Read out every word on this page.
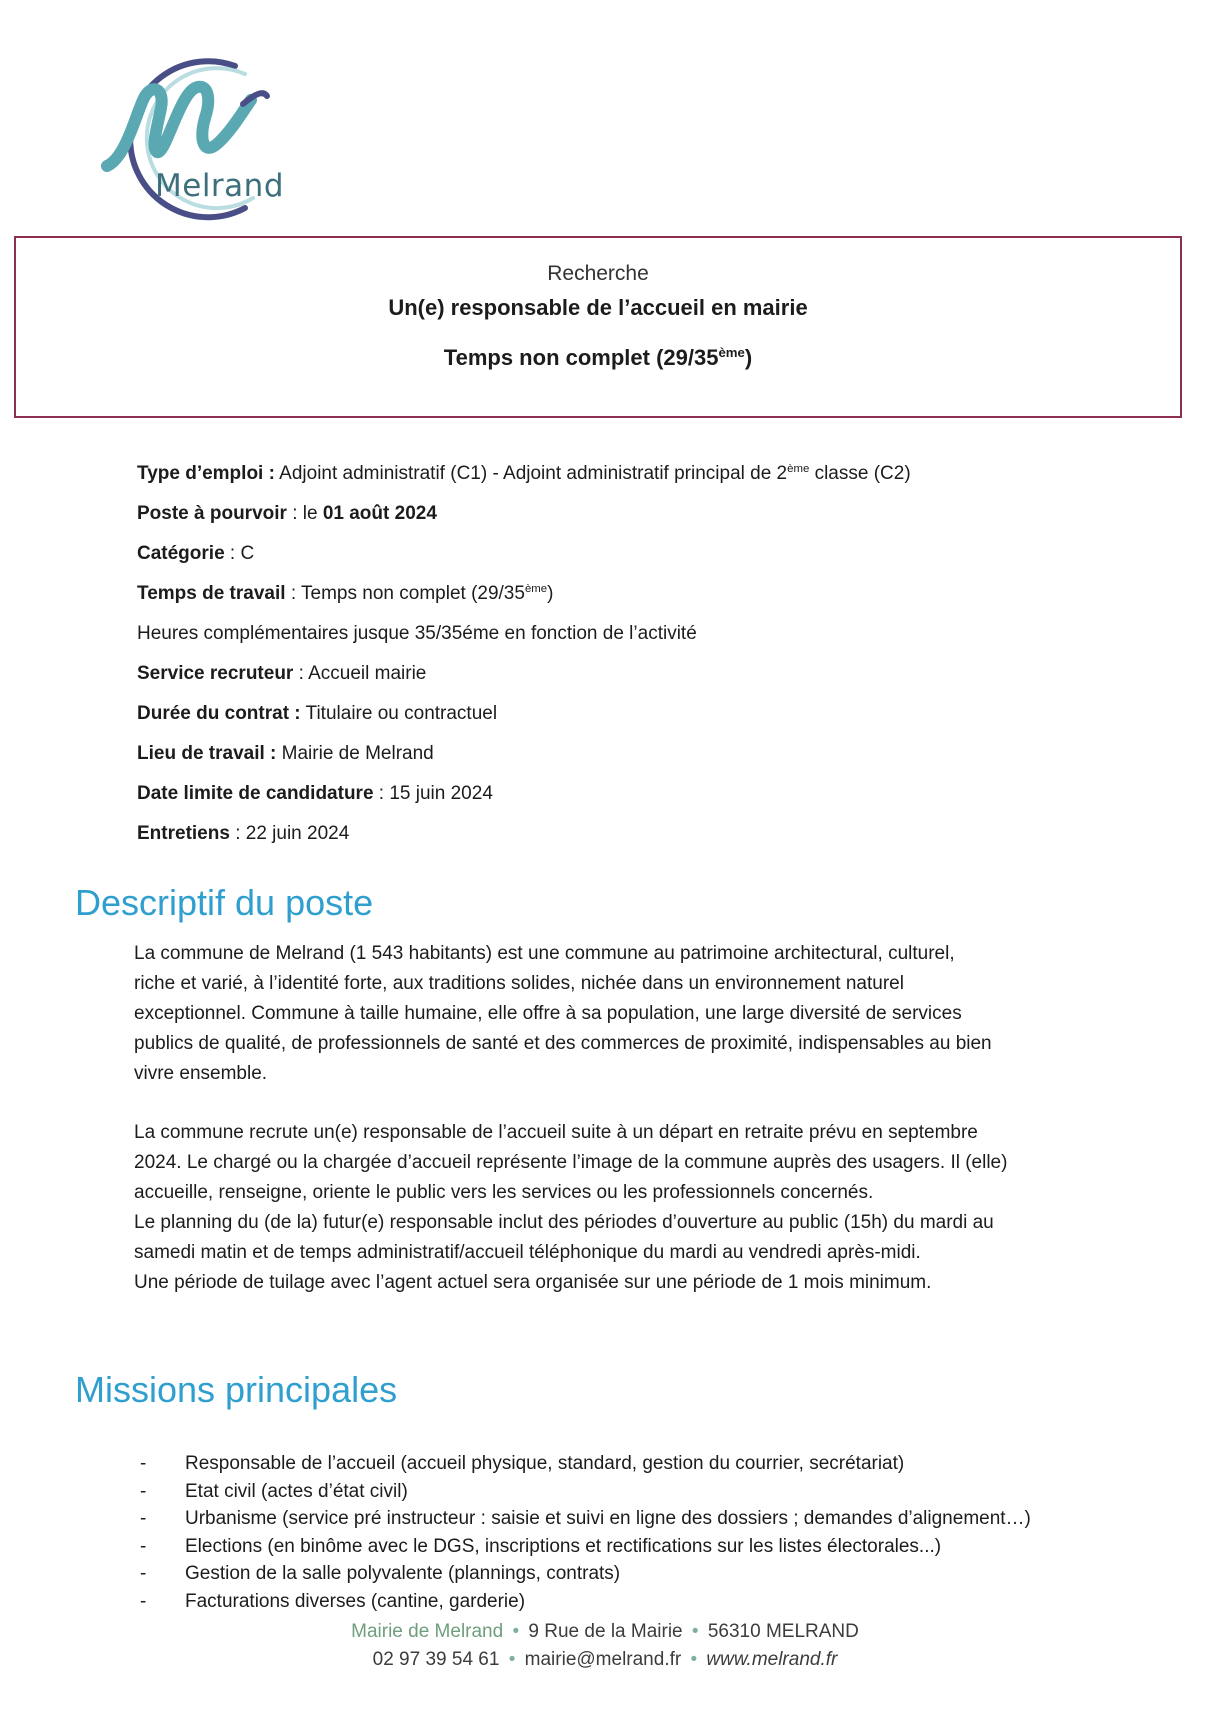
Melrand
Recherche
Un(e) responsable de l’accueil en mairie
Temps non complet (29/35ème)
Type d’emploi : Adjoint administratif (C1) - Adjoint administratif principal de 2ème classe (C2)
Poste à pourvoir : le 01 août 2024
Catégorie : C
Temps de travail : Temps non complet (29/35ème)
Heures complémentaires jusque 35/35éme en fonction de l’activité
Service recruteur : Accueil mairie
Durée du contrat : Titulaire ou contractuel
Lieu de travail : Mairie de Melrand
Date limite de candidature : 15 juin 2024
Entretiens : 22 juin 2024
Descriptif du poste

La commune de Melrand (1 543 habitants) est une commune au patrimoine architectural, culturel,
riche et varié, à l’identité forte, aux traditions solides, nichée dans un environnement naturel
exceptionnel. Commune à taille humaine, elle offre à sa population, une large diversité de services
publics de qualité, de professionnels de santé et des commerces de proximité, indispensables au bien
vivre ensemble.

La commune recrute un(e) responsable de l’accueil suite à un départ en retraite prévu en septembre
2024. Le chargé ou la chargée d’accueil représente l’image de la commune auprès des usagers. Il (elle)
accueille, renseigne, oriente le public vers les services ou les professionnels concernés.
Le planning du (de la) futur(e) responsable inclut des périodes d’ouverture au public (15h) du mardi au
samedi matin et de temps administratif/accueil téléphonique du mardi au vendredi après-midi.
Une période de tuilage avec l’agent actuel sera organisée sur une période de 1 mois minimum.

Missions principales
- Responsable de l’accueil (accueil physique, standard, gestion du courrier, secrétariat)
- Etat civil (actes d’état civil)
- Urbanisme (service pré instructeur : saisie et suivi en ligne des dossiers ; demandes d’alignement…)
- Elections (en binôme avec le DGS, inscriptions et rectifications sur les listes électorales...)
- Gestion de la salle polyvalente (plannings, contrats)
- Facturations diverses (cantine, garderie)
Mairie de Melrand • 9 Rue de la Mairie • 56310 MELRAND
02 97 39 54 61 • mairie@melrand.fr • www.melrand.fr
